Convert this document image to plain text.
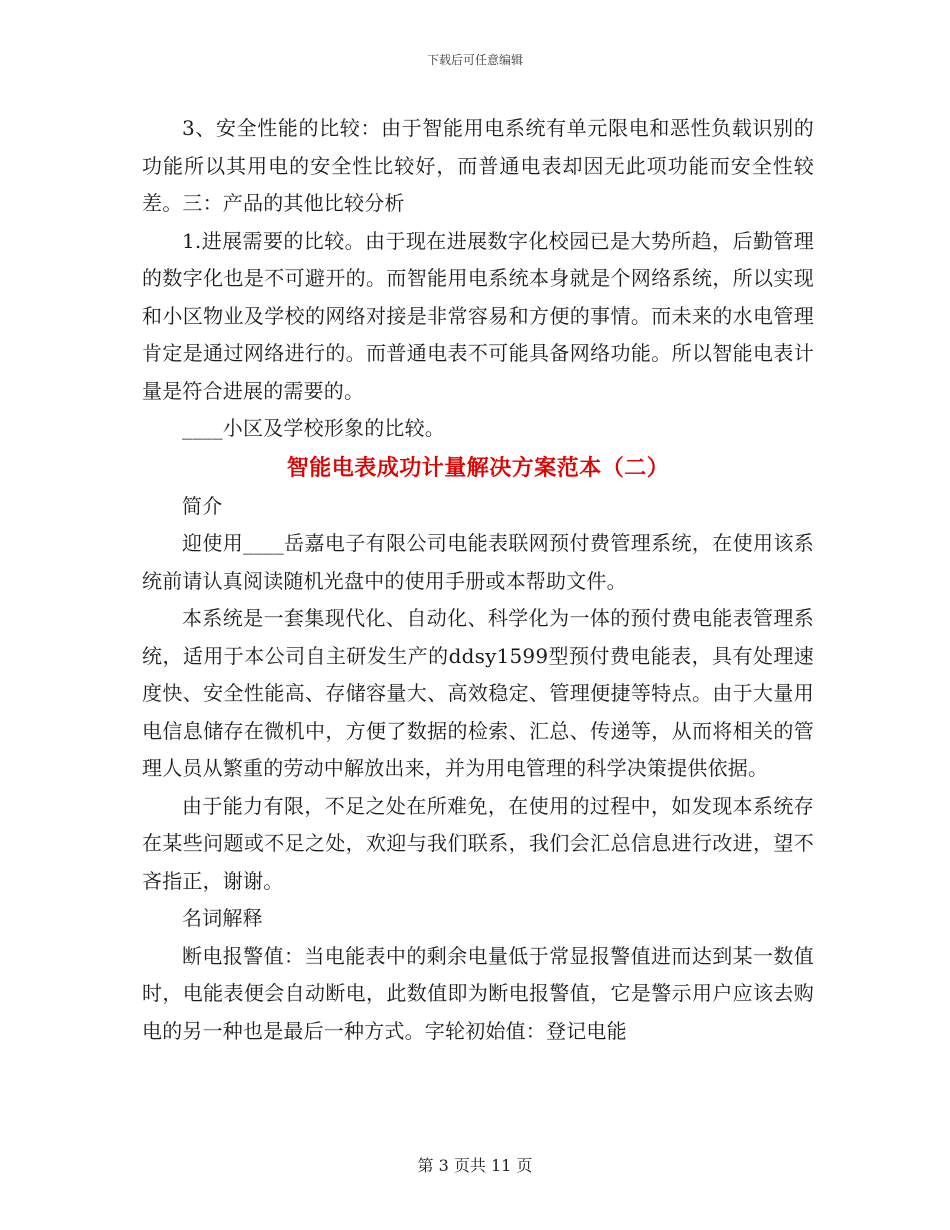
下载后可任意编辑

3、安全性能的比较：由于智能用电系统有单元限电和恶性负载识别的功能所以其用电的安全性比较好，而普通电表却因无此项功能而安全性较差。三：产品的其他比较分析

1.进展需要的比较。由于现在进展数字化校园已是大势所趋，后勤管理的数字化也是不可避开的。而智能用电系统本身就是个网络系统，所以实现和小区物业及学校的网络对接是非常容易和方便的事情。而未来的水电管理肯定是通过网络进行的。而普通电表不可能具备网络功能。所以智能电表计量是符合进展的需要的。

____小区及学校形象的比较。

智能电表成功计量解决方案范本（二）

简介

迎使用____岳嘉电子有限公司电能表联网预付费管理系统，在使用该系统前请认真阅读随机光盘中的使用手册或本帮助文件。

本系统是一套集现代化、自动化、科学化为一体的预付费电能表管理系统，适用于本公司自主研发生产的ddsy1599型预付费电能表，具有处理速度快、安全性能高、存储容量大、高效稳定、管理便捷等特点。由于大量用电信息储存在微机中，方便了数据的检索、汇总、传递等，从而将相关的管理人员从繁重的劳动中解放出来，并为用电管理的科学决策提供依据。

由于能力有限，不足之处在所难免，在使用的过程中，如发现本系统存在某些问题或不足之处，欢迎与我们联系，我们会汇总信息进行改进，望不吝指正，谢谢。

名词解释

断电报警值：当电能表中的剩余电量低于常显报警值进而达到某一数值时，电能表便会自动断电，此数值即为断电报警值，它是警示用户应该去购电的另一种也是最后一种方式。字轮初始值：登记电能

第 3 页共 11 页
